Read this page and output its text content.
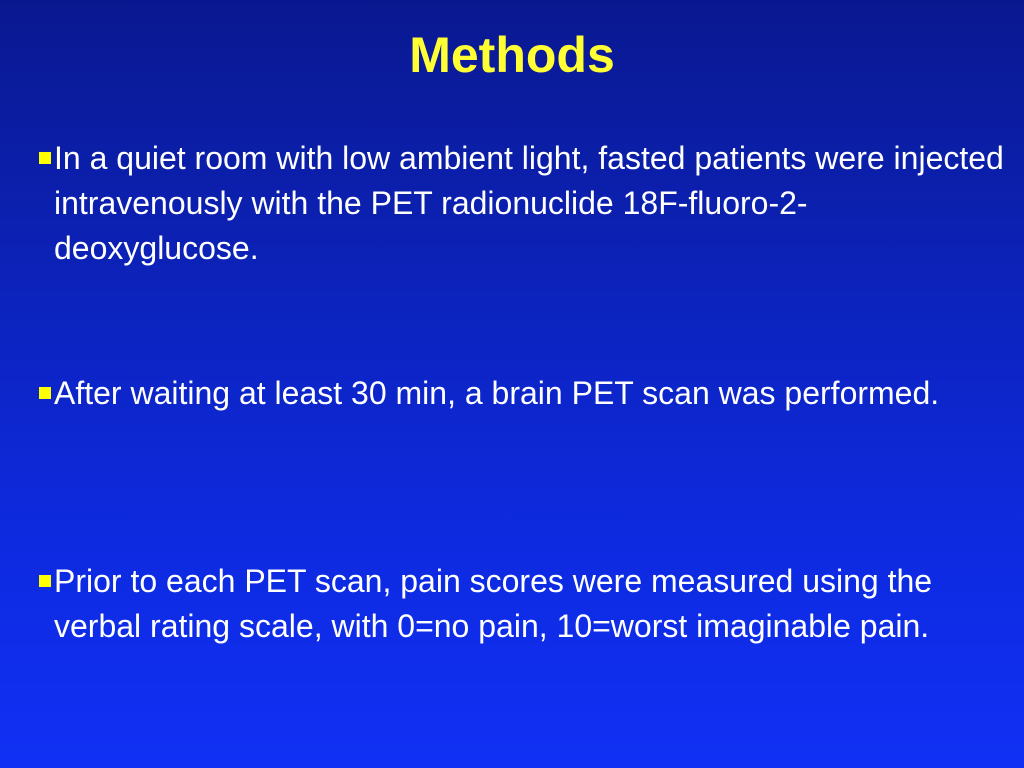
Methods
In a quiet room with low ambient light, fasted patients were injected intravenously with the PET radionuclide 18F-fluoro-2-deoxyglucose.
After waiting at least 30 min, a brain PET scan was performed.
Prior to each PET scan, pain scores were measured using the verbal rating scale, with 0=no pain, 10=worst imaginable pain.
